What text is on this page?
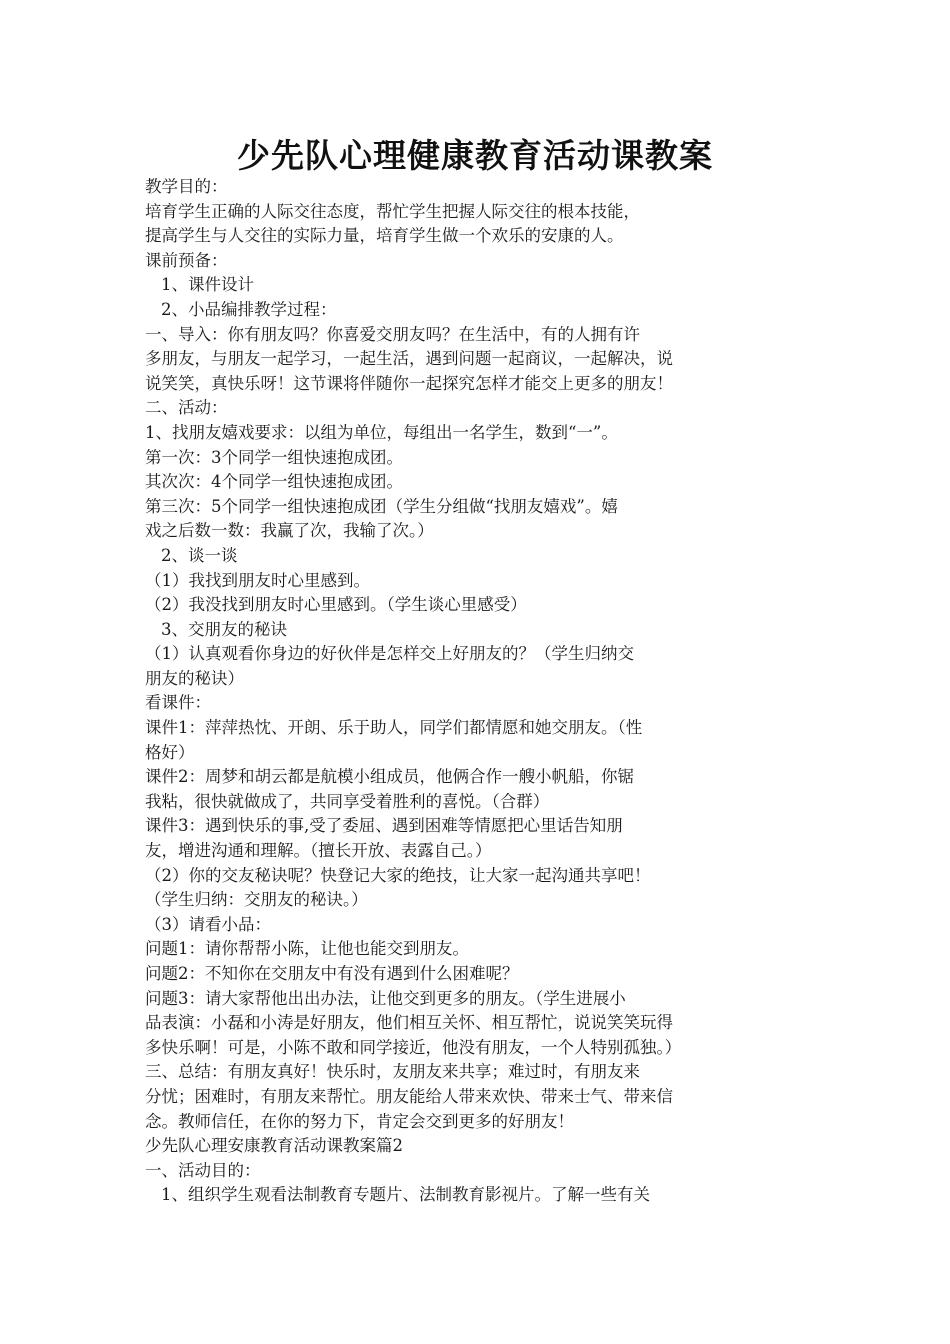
少先队心理健康教育活动课教案
教学目的：
培育学生正确的人际交往态度，帮忙学生把握人际交往的根本技能，
提高学生与人交往的实际力量，培育学生做一个欢乐的安康的人。
课前预备：
1、课件设计
2、小品编排教学过程：
一、导入：你有朋友吗？你喜爱交朋友吗？在生活中，有的人拥有许
多朋友，与朋友一起学习，一起生活，遇到问题一起商议，一起解决，说
说笑笑，真快乐呀！这节课将伴随你一起探究怎样才能交上更多的朋友！
二、活动：
1、找朋友嬉戏要求：以组为单位，每组出一名学生，数到“一”。
第一次：3个同学一组快速抱成团。
其次次：4个同学一组快速抱成团。
第三次：5个同学一组快速抱成团（学生分组做“找朋友嬉戏”。嬉
戏之后数一数：我赢了次，我输了次。）
2、谈一谈
（1）我找到朋友时心里感到。
（2）我没找到朋友时心里感到。（学生谈心里感受）
3、交朋友的秘诀
（1）认真观看你身边的好伙伴是怎样交上好朋友的？（学生归纳交
朋友的秘诀）
看课件：
课件1：萍萍热忱、开朗、乐于助人，同学们都情愿和她交朋友。（性
格好）
课件2：周梦和胡云都是航模小组成员，他俩合作一艘小帆船，你锯
我粘，很快就做成了，共同享受着胜利的喜悦。（合群）
课件3：遇到快乐的事,受了委屈、遇到困难等情愿把心里话告知朋
友，增进沟通和理解。（擅长开放、表露自己。）
（2）你的交友秘诀呢？快登记大家的绝技，让大家一起沟通共享吧！
（学生归纳：交朋友的秘诀。）
（3）请看小品：
问题1：请你帮帮小陈，让他也能交到朋友。
问题2：不知你在交朋友中有没有遇到什么困难呢？
问题3：请大家帮他出出办法，让他交到更多的朋友。（学生进展小
品表演：小磊和小涛是好朋友，他们相互关怀、相互帮忙，说说笑笑玩得
多快乐啊！可是，小陈不敢和同学接近，他没有朋友，一个人特别孤独。）
三、总结：有朋友真好！快乐时，友朋友来共享；难过时，有朋友来
分忧；困难时，有朋友来帮忙。朋友能给人带来欢快、带来士气、带来信
念。教师信任，在你的努力下，肯定会交到更多的好朋友！
少先队心理安康教育活动课教案篇2
一、活动目的：
1、组织学生观看法制教育专题片、法制教育影视片。了解一些有关
